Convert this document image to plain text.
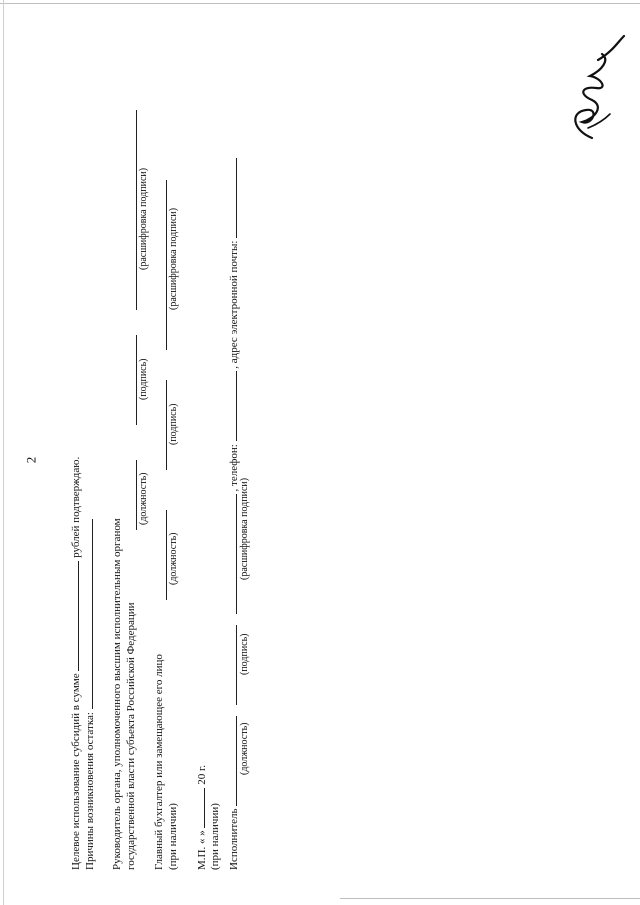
2
Целевое использование субсидий в сумме  рублей подтверждаю.
Причины возникновения остатка: Руководитель органа, уполномоченного высшим исполнительным органом государственной власти субъекта Российской Федерации
(должность)
(подпись)
(расшифровка подписи)
Главный бухгалтер или замещающее его лицо (при наличии)
(должность)
(подпись)
(расшифровка подписи)
М.П. « »  20 г.
(при наличии) Исполнитель    , телефон:  , адрес электронной почты:
(должность)
(подпись)
(расшифровка подписи)
